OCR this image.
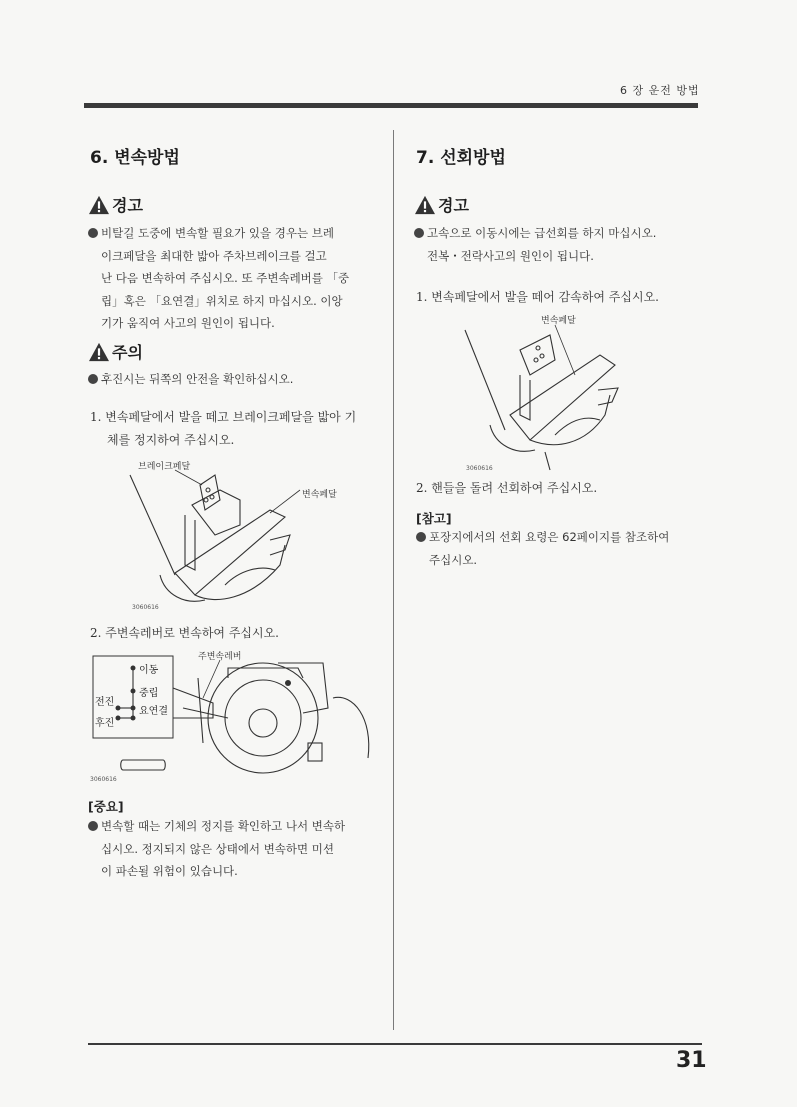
6 장 운전 방법
6. 변속방법
경고
비탈길 도중에 변속할 필요가 있을 경우는 브레
이크페달을 최대한 밟아 주차브레이크를 걸고
난 다음 변속하여 주십시오. 또 주변속레버를 「중
립」혹은 「요연결」위치로 하지 마십시오. 이앙
기가 움직여 사고의 원인이 됩니다.
주의
후진시는 뒤쪽의 안전을 확인하십시오.
1. 변속페달에서 발을 떼고 브레이크페달을 밟아 기
체를 정지하여 주십시오.
브레이크페달
변속페달
3060616
2. 주변속레버로 변속하여 주십시오.
주변속레버
이동
중립
요연결
전진
후진
3060616
[중요]
변속할 때는 기체의 정지를 확인하고 나서 변속하
십시오. 정지되지 않은 상태에서 변속하면 미션
이 파손될 위험이 있습니다.
7. 선회방법
경고
고속으로 이동시에는 급선회를 하지 마십시오.
전복・전락사고의 원인이 됩니다.
1. 변속페달에서 발을 떼어 감속하여 주십시오.
변속페달
3060616
2. 핸들을 돌려 선회하여 주십시오.
[참고]
포장지에서의 선회 요령은 62페이지를 참조하여
주십시오.
31
